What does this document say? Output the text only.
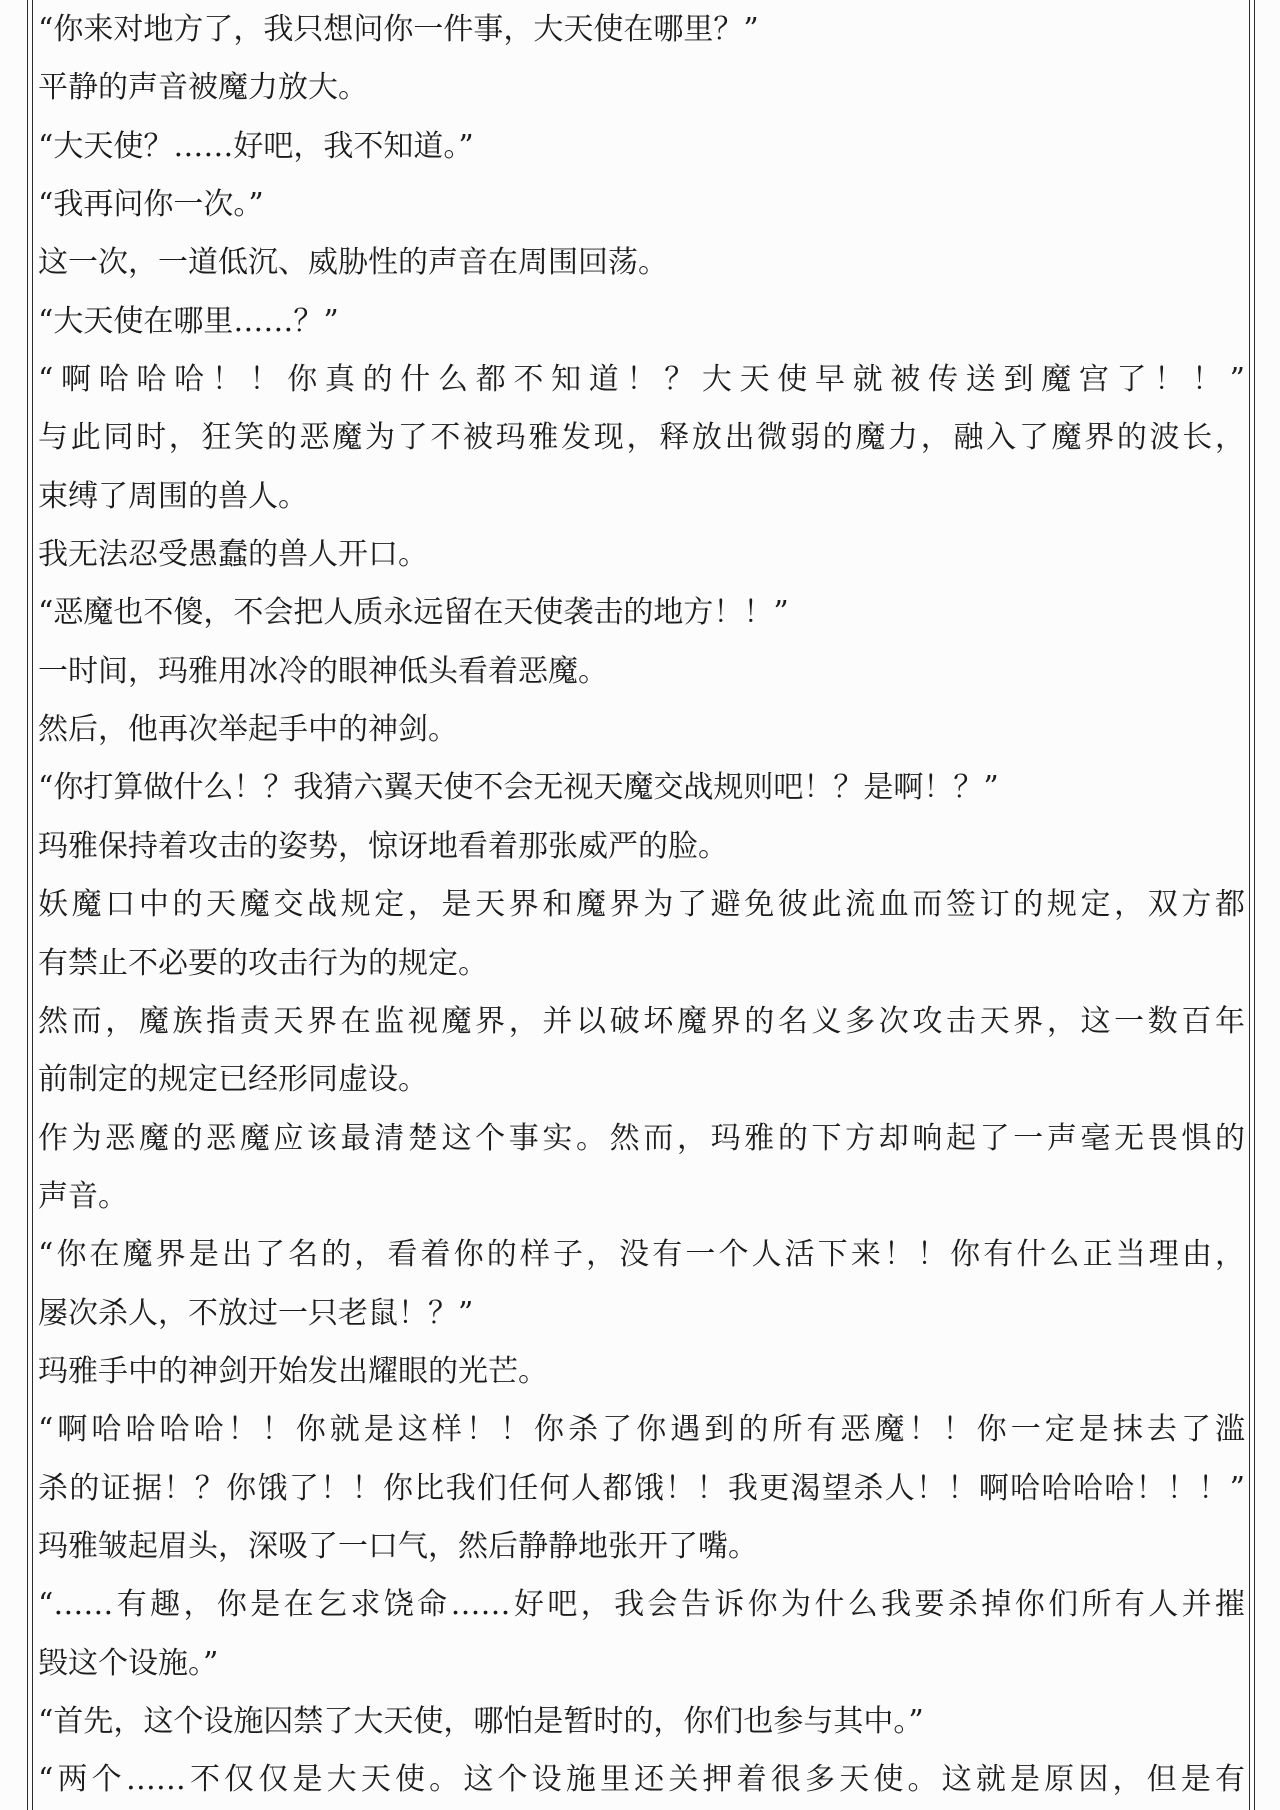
“你来对地方了，我只想问你一件事，大天使在哪里？”
平静的声音被魔力放大。
“大天使？……好吧，我不知道。”
“我再问你一次。”
这一次，一道低沉、威胁性的声音在周围回荡。
“大天使在哪里……？”
“啊哈哈哈！！你真的什么都不知道！？大天使早就被传送到魔宫了！！”
与此同时，狂笑的恶魔为了不被玛雅发现，释放出微弱的魔力，融入了魔界的波长，
束缚了周围的兽人。
我无法忍受愚蠢的兽人开口。
“恶魔也不傻，不会把人质永远留在天使袭击的地方！！”
一时间，玛雅用冰冷的眼神低头看着恶魔。
然后，他再次举起手中的神剑。
“你打算做什么！？我猜六翼天使不会无视天魔交战规则吧！？是啊！？”
玛雅保持着攻击的姿势，惊讶地看着那张威严的脸。
妖魔口中的天魔交战规定，是天界和魔界为了避免彼此流血而签订的规定，双方都
有禁止不必要的攻击行为的规定。
然而，魔族指责天界在监视魔界，并以破坏魔界的名义多次攻击天界，这一数百年
前制定的规定已经形同虚设。
作为恶魔的恶魔应该最清楚这个事实。然而，玛雅的下方却响起了一声毫无畏惧的
声音。
“你在魔界是出了名的，看着你的样子，没有一个人活下来！！你有什么正当理由，
屡次杀人，不放过一只老鼠！？”
玛雅手中的神剑开始发出耀眼的光芒。
“啊哈哈哈哈！！你就是这样！！你杀了你遇到的所有恶魔！！你一定是抹去了滥
杀的证据！？你饿了！！你比我们任何人都饿！！我更渴望杀人！！啊哈哈哈哈！！！”
玛雅皱起眉头，深吸了一口气，然后静静地张开了嘴。
“……有趣，你是在乞求饶命……好吧，我会告诉你为什么我要杀掉你们所有人并摧
毁这个设施。”
“首先，这个设施囚禁了大天使，哪怕是暂时的，你们也参与其中。”
“两个……不仅仅是大天使。这个设施里还关押着很多天使。这就是原因，但是有
